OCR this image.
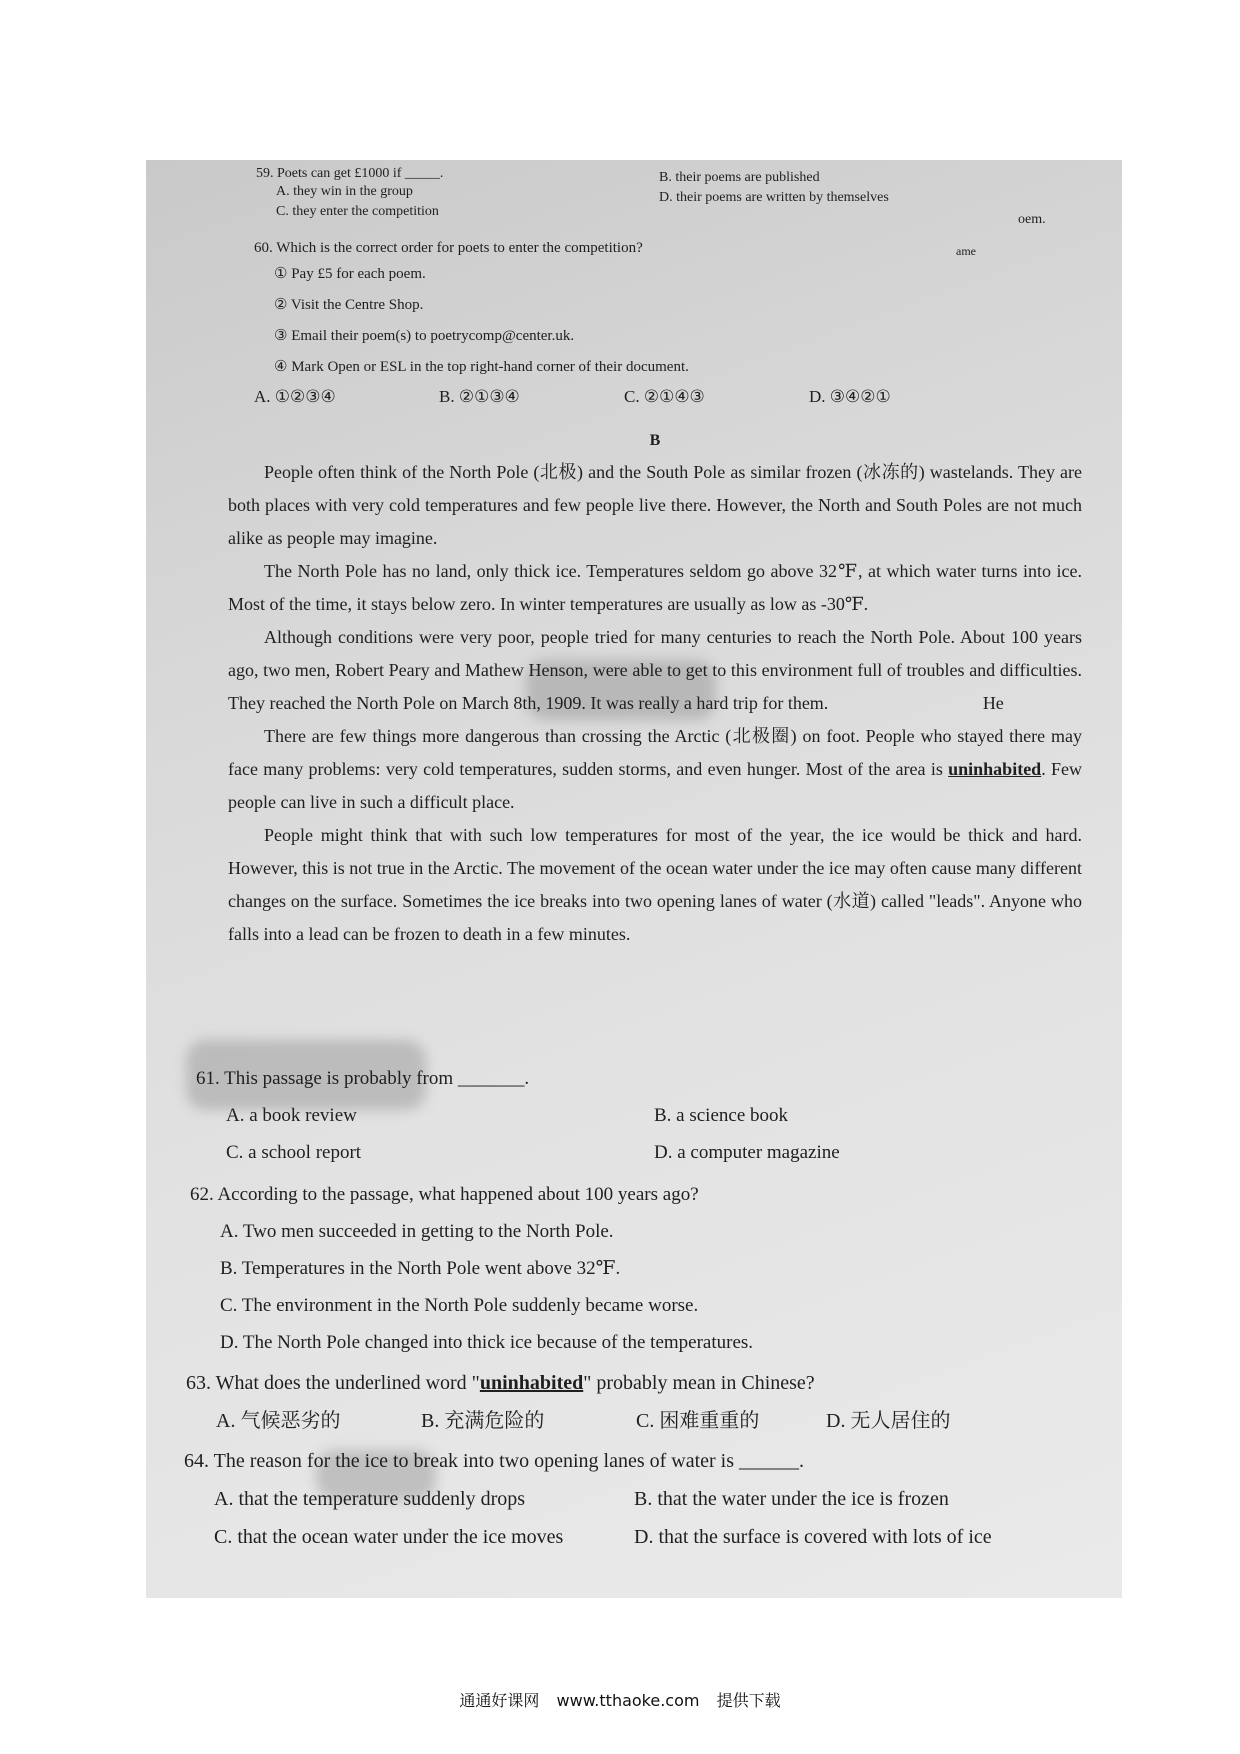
59. Poets can get £1000 if _____.
A. they win in the group
B. their poems are published
C. they enter the competition
D. their poems are written by themselves
oem.
ame
60. Which is the correct order for poets to enter the competition?
① Pay £5 for each poem.
② Visit the Centre Shop.
③ Email their poem(s) to poetrycomp@center.uk.
④ Mark Open or ESL in the top right-hand corner of their document.
A. ①②③④	B. ②①③④	C. ②①④③	D. ③④②①
B

People often think of the North Pole (北极) and the South Pole as similar frozen (冰冻的) wastelands. They are both places with very cold temperatures and few people live there. However, the North and South Poles are not much alike as people may imagine.

The North Pole has no land, only thick ice. Temperatures seldom go above 32℉, at which water turns into ice. Most of the time, it stays below zero. In winter temperatures are usually as low as -30℉.

Although conditions were very poor, people tried for many centuries to reach the North Pole. About 100 years ago, two men, Robert Peary and Mathew Henson, were able to get to this environment full of troubles and difficulties. They reached the North Pole on March 8th, 1909. It was really a hard trip for them.	He

There are few things more dangerous than crossing the Arctic (北极圈) on foot. People who stayed there may face many problems: very cold temperatures, sudden storms, and even hunger. Most of the area is uninhabited. Few people can live in such a difficult place.

People might think that with such low temperatures for most of the year, the ice would be thick and hard. However, this is not true in the Arctic. The movement of the ocean water under the ice may often cause many different changes on the surface. Sometimes the ice breaks into two opening lanes of water (水道) called "leads". Anyone who falls into a lead can be frozen to death in a few minutes.

61. This passage is probably from _______.
A. a book review	B. a science book
C. a school report	D. a computer magazine
62. According to the passage, what happened about 100 years ago?
A. Two men succeeded in getting to the North Pole.
B. Temperatures in the North Pole went above 32℉.
C. The environment in the North Pole suddenly became worse.
D. The North Pole changed into thick ice because of the temperatures.
63. What does the underlined word "uninhabited" probably mean in Chinese?
A. 气候恶劣的	B. 充满危险的	C. 困难重重的	D. 无人居住的
64. The reason for the ice to break into two opening lanes of water is ______.
A. that the temperature suddenly drops	B. that the water under the ice is frozen
C. that the ocean water under the ice moves	D. that the surface is covered with lots of ice
通通好课网 www.tthaoke.com 提供下载
